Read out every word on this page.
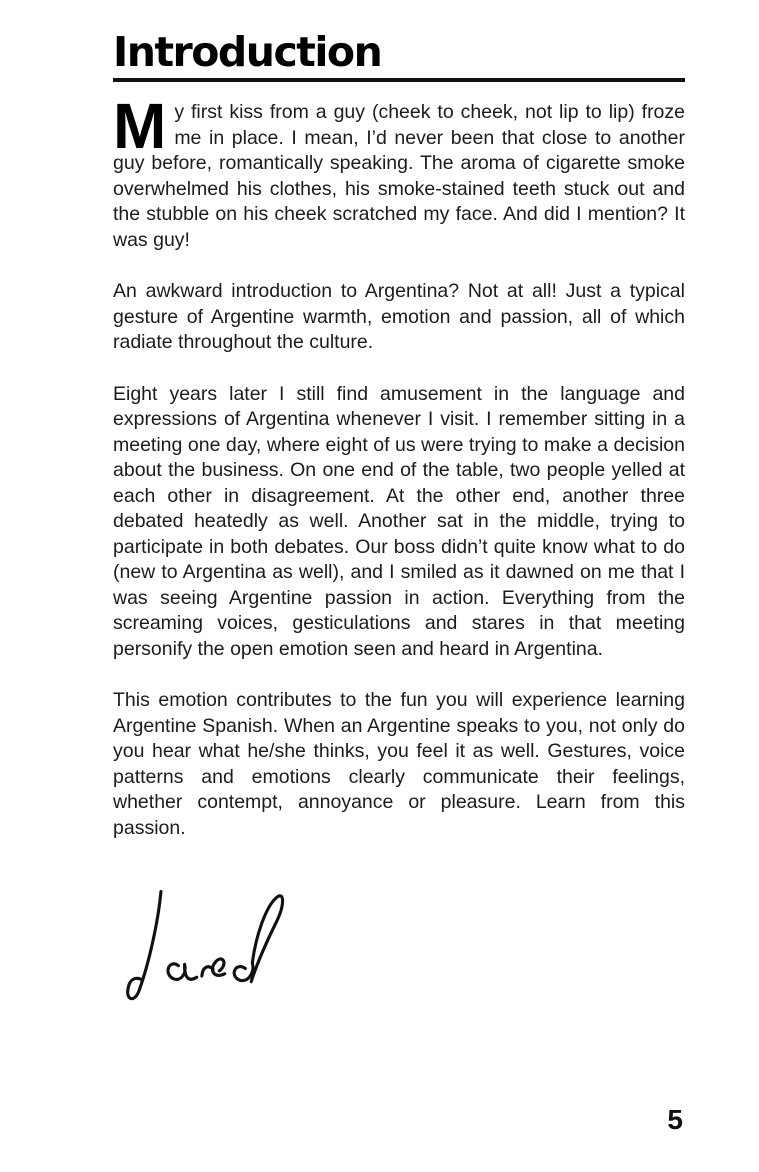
Introduction

My first kiss from a guy (cheek to cheek, not lip to lip) froze me in place. I mean, I’d never been that close to another guy before, romantically speaking. The aroma of cigarette smoke overwhelmed his clothes, his smoke-stained teeth stuck out and the stubble on his cheek scratched my face. And did I mention? It was guy!

An awkward introduction to Argentina? Not at all! Just a typical gesture of Argentine warmth, emotion and passion, all of which radiate throughout the culture.

Eight years later I still find amusement in the language and expressions of Argentina whenever I visit. I remember sitting in a meeting one day, where eight of us were trying to make a decision about the business. On one end of the table, two people yelled at each other in disagreement. At the other end, another three debated heatedly as well. Another sat in the middle, trying to participate in both debates. Our boss didn’t quite know what to do (new to Argentina as well), and I smiled as it dawned on me that I was seeing Argentine passion in action. Everything from the screaming voices, gesticulations and stares in that meeting personify the open emotion seen and heard in Argentina.

This emotion contributes to the fun you will experience learning Argentine Spanish. When an Argentine speaks to you, not only do you hear what he/she thinks, you feel it as well. Gestures, voice patterns and emotions clearly communicate their feelings, whether contempt, annoyance or pleasure. Learn from this passion.

5
